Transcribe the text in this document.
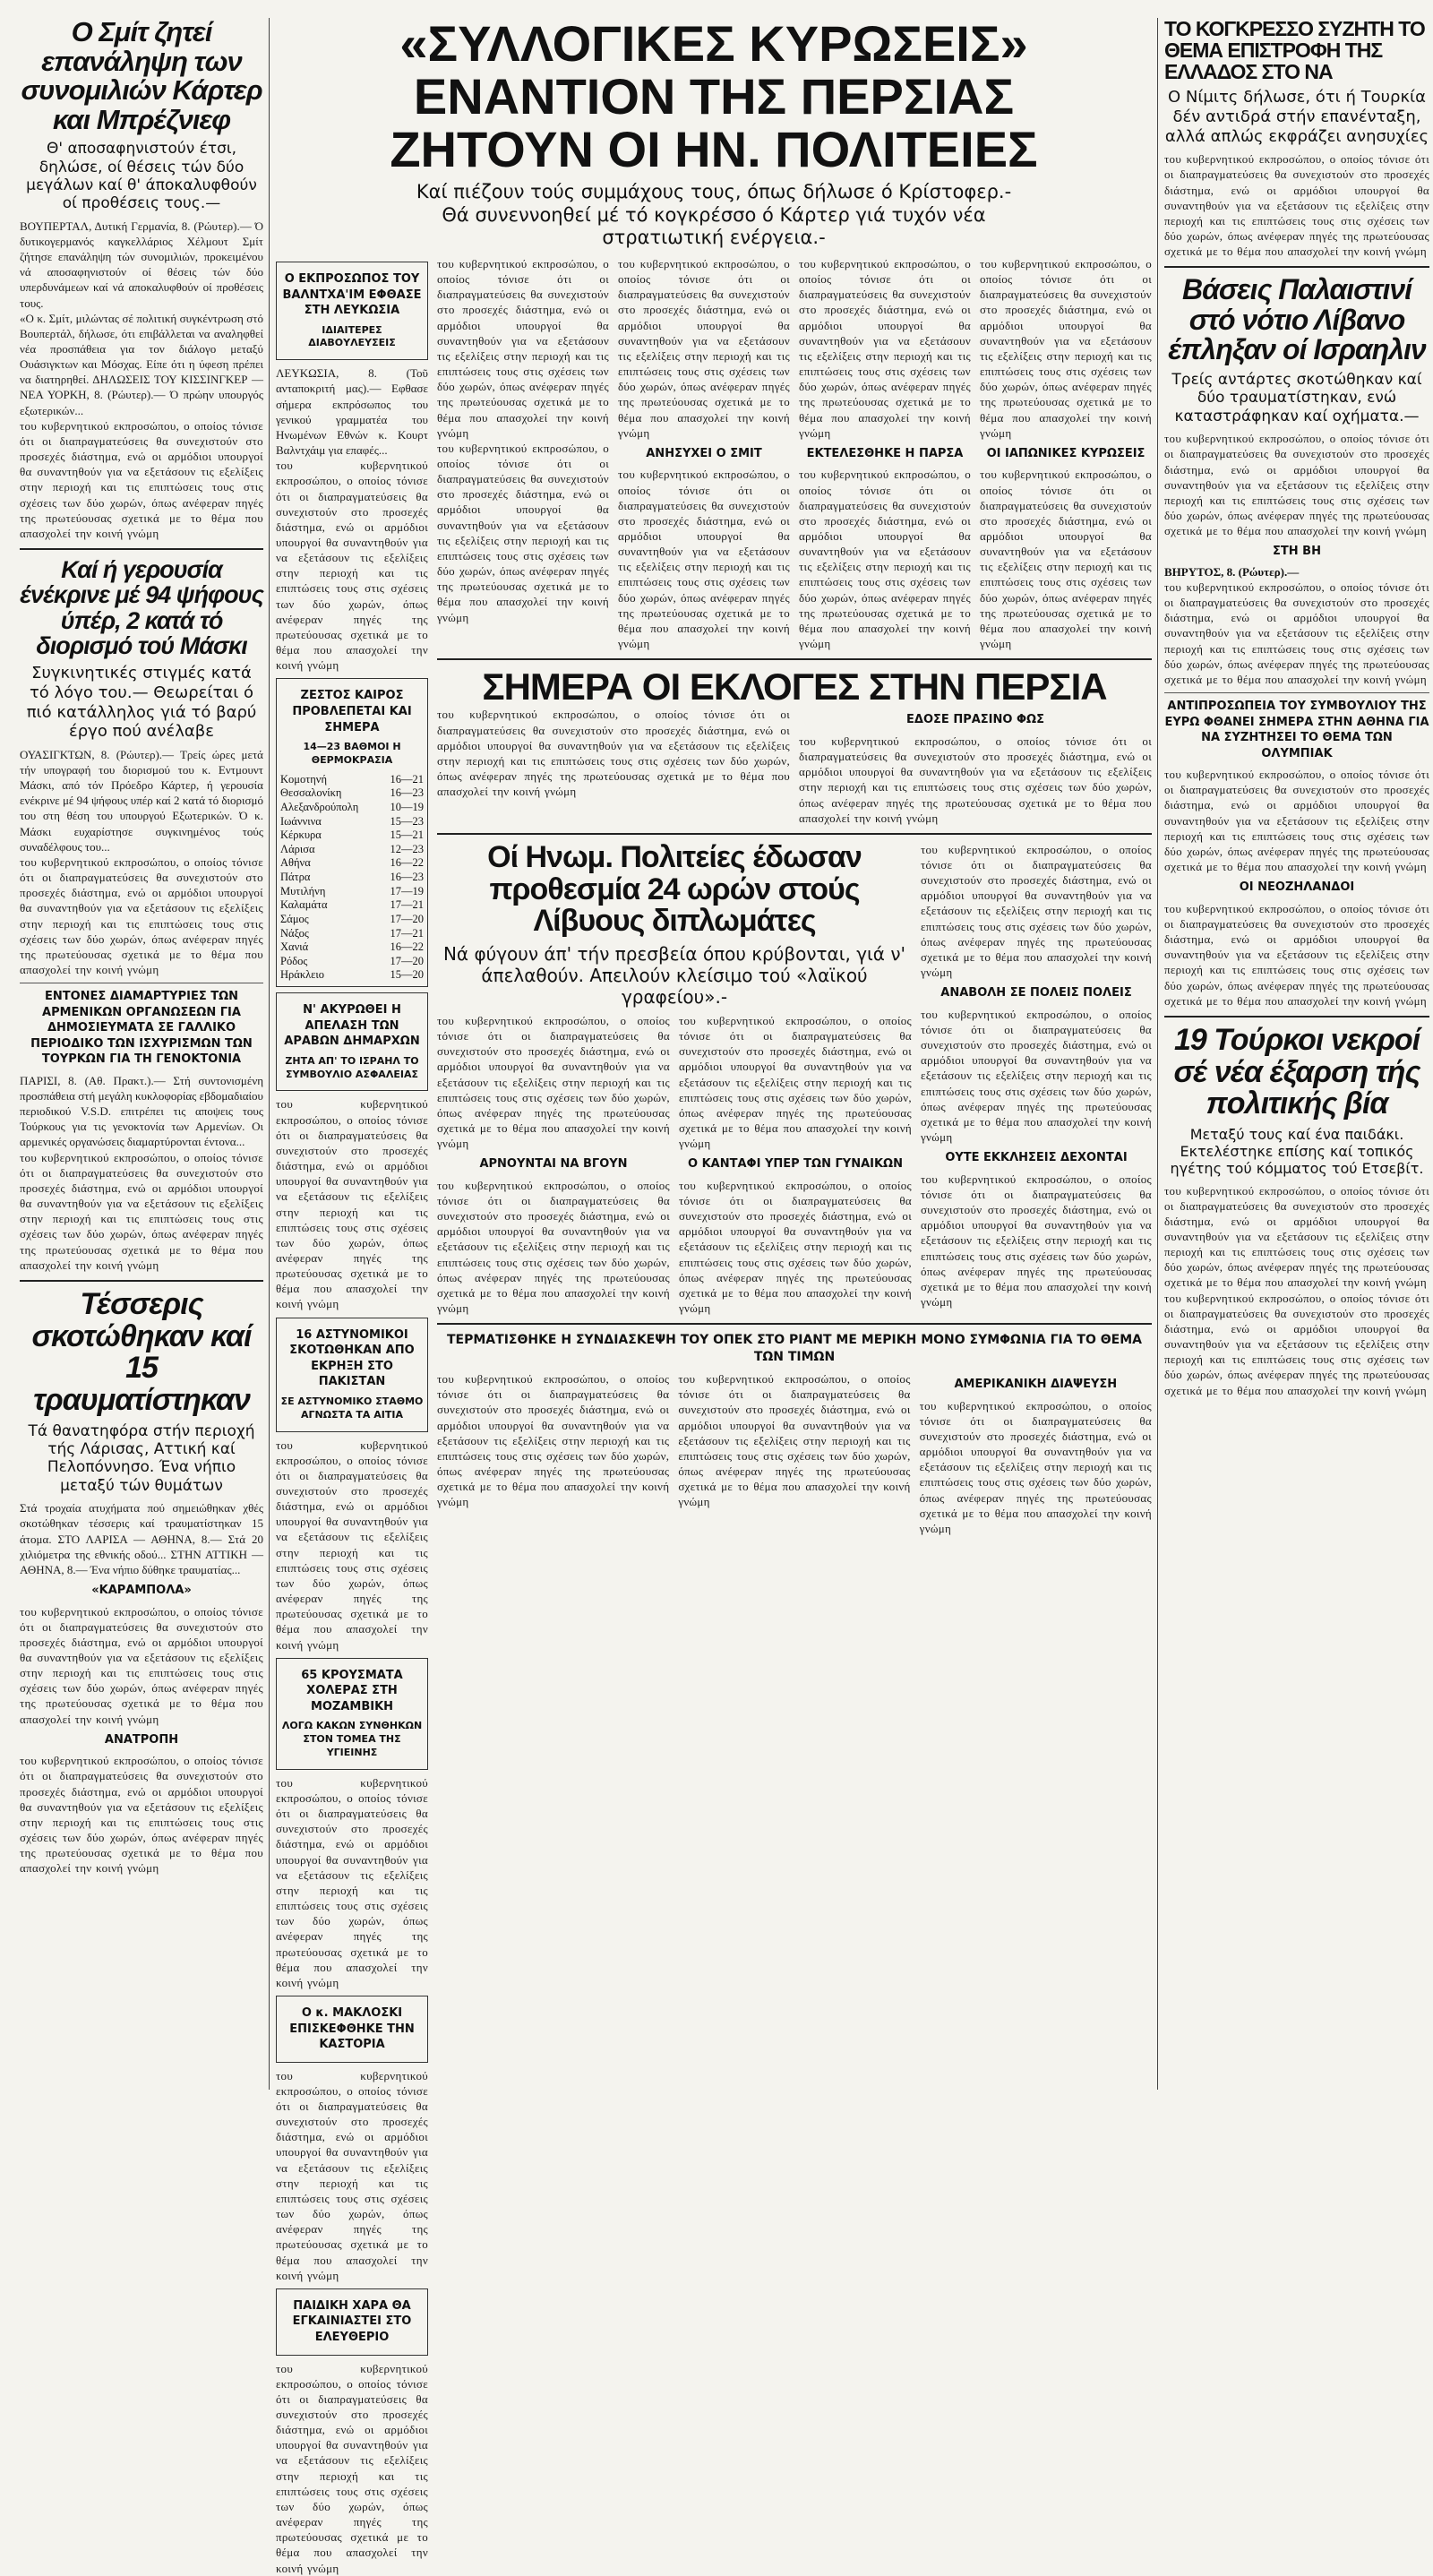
Ο Σμίτ ζητεί επανάληψη των συνομιλιών Κάρτερ και Μπρέζνιεφ
Θ' αποσαφηνιστούν έτσι, δηλώσε, οί θέσεις τών δύο μεγάλων καί θ' άποκαλυφθούν οί προθέσεις τους.—
ΒΟΥΠΕΡΤΑΛ, Δυτική Γερμανία, 8. (Ρώυτερ).— Ό δυτικογερμανός καγκελλάριος Χέλμουτ Σμίτ ζήτησε επανάληψη τών συνομιλιών, προκειμένου νά αποσαφηνιστούν οί θέσεις τών δύο υπερδυνάμεων καί νά αποκαλυφθούν οί προθέσεις τους.
«Ο κ. Σμίτ, μιλώντας σέ πολιτική συγκέντρωση στό Βουπερτάλ, δήλωσε, ότι επιβάλλεται να αναληφθεί νέα προσπάθεια για τον διάλογο μεταξύ Ουάσιγκτων και Μόσχας. Είπε ότι η ύφεση πρέπει να διατηρηθεί. ΔΗΛΩΣΕΙΣ ΤΟΥ ΚΙΣΣΙΝΓΚΕΡ — ΝΕΑ ΥΟΡΚΗ, 8. (Ρώυτερ).— Ό πρώην υπουργός εξωτερικών...
του κυβερνητικού εκπροσώπου, ο οποίος τόνισε ότι οι διαπραγματεύσεις θα συνεχιστούν στο προσεχές διάστημα, ενώ οι αρμόδιοι υπουργοί θα συναντηθούν για να εξετάσουν τις εξελίξεις στην περιοχή και τις επιπτώσεις τους στις σχέσεις των δύο χωρών, όπως ανέφεραν πηγές της πρωτεύουσας σχετικά με το θέμα που απασχολεί την κοινή γνώμη
Καί ή γερουσία ένέκρινε μέ 94 ψήφους ύπέρ, 2 κατά τό διορισμό τού Μάσκι
Συγκινητικές στιγμές κατά τό λόγο του.— Θεωρείται ό πιό κατάλληλος γιά τό βαρύ έργο πού ανέλαβε
ΟΥΑΣΙΓΚΤΩΝ, 8. (Ρώυτερ).— Τρείς ώρες μετά τήν υπογραφή του διορισμού του κ. Εντμουντ Μάσκι, από τόν Πρόεδρο Κάρτερ, ή γερουσία ενέκρινε μέ 94 ψήφους υπέρ καί 2 κατά τό διορισμό του στη θέση του υπουργού Εξωτερικών. Ό κ. Μάσκι ευχαρίστησε συγκινημένος τούς συναδέλφους του...
του κυβερνητικού εκπροσώπου, ο οποίος τόνισε ότι οι διαπραγματεύσεις θα συνεχιστούν στο προσεχές διάστημα, ενώ οι αρμόδιοι υπουργοί θα συναντηθούν για να εξετάσουν τις εξελίξεις στην περιοχή και τις επιπτώσεις τους στις σχέσεις των δύο χωρών, όπως ανέφεραν πηγές της πρωτεύουσας σχετικά με το θέμα που απασχολεί την κοινή γνώμη
ΕΝΤΟΝΕΣ ΔΙΑΜΑΡΤΥΡΙΕΣ ΤΩΝ ΑΡΜΕΝΙΚΩΝ ΟΡΓΑΝΩΣΕΩΝ ΓΙΑ ΔΗΜΟΣΙΕΥΜΑΤΑ ΣΕ ΓΑΛΛΙΚΟ ΠΕΡΙΟΔΙΚΟ ΤΩΝ ΙΣΧΥΡΙΣΜΩΝ ΤΩΝ ΤΟΥΡΚΩΝ ΓΙΑ ΤΗ ΓΕΝΟΚΤΟΝΙΑ
ΠΑΡΙΣΙ, 8. (Αθ. Πρακτ.).— Στή συντονισμένη προσπάθεια στή μεγάλη κυκλοφορίας εβδομαδιαίου περιοδικού V.S.D. επιτρέπει τις αποψεις τους Τούρκους για τις γενοκτονία των Αρμενίων. Οι αρμενικές οργανώσεις διαμαρτύρονται έντονα...
του κυβερνητικού εκπροσώπου, ο οποίος τόνισε ότι οι διαπραγματεύσεις θα συνεχιστούν στο προσεχές διάστημα, ενώ οι αρμόδιοι υπουργοί θα συναντηθούν για να εξετάσουν τις εξελίξεις στην περιοχή και τις επιπτώσεις τους στις σχέσεις των δύο χωρών, όπως ανέφεραν πηγές της πρωτεύουσας σχετικά με το θέμα που απασχολεί την κοινή γνώμη
Τέσσερις σκοτώθηκαν καί 15 τραυματίστηκαν
Τά θανατηφόρα στήν περιοχή τής Λάρισας, Αττική καί Πελοπόννησο. Ένα νήπιο μεταξύ τών θυμάτων
Στά τροχαία ατυχήματα πού σημειώθηκαν χθές σκοτώθηκαν τέσσερις καί τραυματίστηκαν 15 άτομα. ΣΤΟ ΛΑΡΙΣΑ — ΑΘΗΝΑ, 8.— Στά 20 χιλιόμετρα της εθνικής οδού... ΣΤΗΝ ΑΤΤΙΚΗ — ΑΘΗΝΑ, 8.— Ένα νήπιο δύθηκε τραυματίας...
«ΚΑΡΑΜΠΟΛΑ»
του κυβερνητικού εκπροσώπου, ο οποίος τόνισε ότι οι διαπραγματεύσεις θα συνεχιστούν στο προσεχές διάστημα, ενώ οι αρμόδιοι υπουργοί θα συναντηθούν για να εξετάσουν τις εξελίξεις στην περιοχή και τις επιπτώσεις τους στις σχέσεις των δύο χωρών, όπως ανέφεραν πηγές της πρωτεύουσας σχετικά με το θέμα που απασχολεί την κοινή γνώμη
ΑΝΑΤΡΟΠΗ
του κυβερνητικού εκπροσώπου, ο οποίος τόνισε ότι οι διαπραγματεύσεις θα συνεχιστούν στο προσεχές διάστημα, ενώ οι αρμόδιοι υπουργοί θα συναντηθούν για να εξετάσουν τις εξελίξεις στην περιοχή και τις επιπτώσεις τους στις σχέσεις των δύο χωρών, όπως ανέφεραν πηγές της πρωτεύουσας σχετικά με το θέμα που απασχολεί την κοινή γνώμη
«ΣΥΛΛΟΓΙΚΕΣ ΚΥΡΩΣΕΙΣ»
ΕΝΑΝΤΙΟΝ ΤΗΣ ΠΕΡΣΙΑΣ
ΖΗΤΟΥΝ ΟΙ ΗΝ. ΠΟΛΙΤΕΙΕΣ
Καί πιέζουν τούς συμμάχους τους, όπως δήλωσε ό Κρίστοφερ.- Θά συνεννοηθεί μέ τό κογκρέσσο ό Κάρτερ γιά τυχόν νέα στρατιωτική ενέργεια.-
Ο ΕΚΠΡΟΣΩΠΟΣ ΤΟΥ ΒΑΛΝΤΧΑ'ΙΜ ΕΦΘΑΣΕ ΣΤΗ ΛΕΥΚΩΣΙΑ
ΙΔΙΑΙΤΕΡΕΣ ΔΙΑΒΟΥΛΕΥΣΕΙΣ
ΛΕΥΚΩΣΙΑ, 8. (Τοῦ ανταποκριτή μας).— Εφθασε σήμερα εκπρόσωπος του γενικού γραμματέα του Ηνωμένων Εθνών κ. Κουρτ Βαλντχάιμ για επαφές...
του κυβερνητικού εκπροσώπου, ο οποίος τόνισε ότι οι διαπραγματεύσεις θα συνεχιστούν στο προσεχές διάστημα, ενώ οι αρμόδιοι υπουργοί θα συναντηθούν για να εξετάσουν τις εξελίξεις στην περιοχή και τις επιπτώσεις τους στις σχέσεις των δύο χωρών, όπως ανέφεραν πηγές της πρωτεύουσας σχετικά με το θέμα που απασχολεί την κοινή γνώμη
ΖΕΣΤΟΣ ΚΑΙΡΟΣ ΠΡΟΒΛΕΠΕΤΑΙ ΚΑΙ ΣΗΜΕΡΑ
14—23 ΒΑΘΜΟΙ Η ΘΕΡΜΟΚΡΑΣΙΑ
Κομοτηνή	16—21
Θεσσαλονίκη	16—23
Αλεξανδρούπολη	10—19
Ιωάννινα	15—23
Κέρκυρα	15—21
Λάρισα	12—23
Αθήνα	16—22
Πάτρα	16—23
Μυτιλήνη	17—19
Καλαμάτα	17—21
Σάμος	17—20
Νάξος	17—21
Χανιά	16—22
Ρόδος	17—20
Ηράκλειο	15—20
Ν' ΑΚΥΡΩΘΕΙ Η ΑΠΕΛΑΣΗ ΤΩΝ ΑΡΑΒΩΝ ΔΗΜΑΡΧΩΝ
ΖΗΤΑ ΑΠ' ΤΟ ΙΣΡΑΗΛ ΤΟ ΣΥΜΒΟΥΛΙΟ ΑΣΦΑΛΕΙΑΣ
του κυβερνητικού εκπροσώπου, ο οποίος τόνισε ότι οι διαπραγματεύσεις θα συνεχιστούν στο προσεχές διάστημα, ενώ οι αρμόδιοι υπουργοί θα συναντηθούν για να εξετάσουν τις εξελίξεις στην περιοχή και τις επιπτώσεις τους στις σχέσεις των δύο χωρών, όπως ανέφεραν πηγές της πρωτεύουσας σχετικά με το θέμα που απασχολεί την κοινή γνώμη
16 ΑΣΤΥΝΟΜΙΚΟΙ ΣΚΟΤΩΘΗΚΑΝ ΑΠΟ ΕΚΡΗΞΗ ΣΤΟ ΠΑΚΙΣΤΑΝ
ΣΕ ΑΣΤΥΝΟΜΙΚΟ ΣΤΑΘΜΟ ΑΓΝΩΣΤΑ ΤΑ ΑΙΤΙΑ
του κυβερνητικού εκπροσώπου, ο οποίος τόνισε ότι οι διαπραγματεύσεις θα συνεχιστούν στο προσεχές διάστημα, ενώ οι αρμόδιοι υπουργοί θα συναντηθούν για να εξετάσουν τις εξελίξεις στην περιοχή και τις επιπτώσεις τους στις σχέσεις των δύο χωρών, όπως ανέφεραν πηγές της πρωτεύουσας σχετικά με το θέμα που απασχολεί την κοινή γνώμη
65 ΚΡΟΥΣΜΑΤΑ ΧΟΛΕΡΑΣ ΣΤΗ ΜΟΖΑΜΒΙΚΗ
ΛΟΓΩ ΚΑΚΩΝ ΣΥΝΘΗΚΩΝ ΣΤΟΝ ΤΟΜΕΑ ΤΗΣ ΥΓΙΕΙΝΗΣ
του κυβερνητικού εκπροσώπου, ο οποίος τόνισε ότι οι διαπραγματεύσεις θα συνεχιστούν στο προσεχές διάστημα, ενώ οι αρμόδιοι υπουργοί θα συναντηθούν για να εξετάσουν τις εξελίξεις στην περιοχή και τις επιπτώσεις τους στις σχέσεις των δύο χωρών, όπως ανέφεραν πηγές της πρωτεύουσας σχετικά με το θέμα που απασχολεί την κοινή γνώμη
Ο κ. ΜΑΚΛΟΣΚΙ ΕΠΙΣΚΕΦΘΗΚΕ ΤΗΝ ΚΑΣΤΟΡΙΑ
του κυβερνητικού εκπροσώπου, ο οποίος τόνισε ότι οι διαπραγματεύσεις θα συνεχιστούν στο προσεχές διάστημα, ενώ οι αρμόδιοι υπουργοί θα συναντηθούν για να εξετάσουν τις εξελίξεις στην περιοχή και τις επιπτώσεις τους στις σχέσεις των δύο χωρών, όπως ανέφεραν πηγές της πρωτεύουσας σχετικά με το θέμα που απασχολεί την κοινή γνώμη
ΠΑΙΔΙΚΗ ΧΑΡΑ ΘΑ ΕΓΚΑΙΝΙΑΣΤΕΙ ΣΤΟ ΕΛΕΥΘΕΡΙΟ
του κυβερνητικού εκπροσώπου, ο οποίος τόνισε ότι οι διαπραγματεύσεις θα συνεχιστούν στο προσεχές διάστημα, ενώ οι αρμόδιοι υπουργοί θα συναντηθούν για να εξετάσουν τις εξελίξεις στην περιοχή και τις επιπτώσεις τους στις σχέσεις των δύο χωρών, όπως ανέφεραν πηγές της πρωτεύουσας σχετικά με το θέμα που απασχολεί την κοινή γνώμη
του κυβερνητικού εκπροσώπου, ο οποίος τόνισε ότι οι διαπραγματεύσεις θα συνεχιστούν στο προσεχές διάστημα, ενώ οι αρμόδιοι υπουργοί θα συναντηθούν για να εξετάσουν τις εξελίξεις στην περιοχή και τις επιπτώσεις τους στις σχέσεις των δύο χωρών, όπως ανέφεραν πηγές της πρωτεύουσας σχετικά με το θέμα που απασχολεί την κοινή γνώμη
του κυβερνητικού εκπροσώπου, ο οποίος τόνισε ότι οι διαπραγματεύσεις θα συνεχιστούν στο προσεχές διάστημα, ενώ οι αρμόδιοι υπουργοί θα συναντηθούν για να εξετάσουν τις εξελίξεις στην περιοχή και τις επιπτώσεις τους στις σχέσεις των δύο χωρών, όπως ανέφεραν πηγές της πρωτεύουσας σχετικά με το θέμα που απασχολεί την κοινή γνώμη
του κυβερνητικού εκπροσώπου, ο οποίος τόνισε ότι οι διαπραγματεύσεις θα συνεχιστούν στο προσεχές διάστημα, ενώ οι αρμόδιοι υπουργοί θα συναντηθούν για να εξετάσουν τις εξελίξεις στην περιοχή και τις επιπτώσεις τους στις σχέσεις των δύο χωρών, όπως ανέφεραν πηγές της πρωτεύουσας σχετικά με το θέμα που απασχολεί την κοινή γνώμη
ΑΝΗΣΥΧΕΙ Ο ΣΜΙΤ
του κυβερνητικού εκπροσώπου, ο οποίος τόνισε ότι οι διαπραγματεύσεις θα συνεχιστούν στο προσεχές διάστημα, ενώ οι αρμόδιοι υπουργοί θα συναντηθούν για να εξετάσουν τις εξελίξεις στην περιοχή και τις επιπτώσεις τους στις σχέσεις των δύο χωρών, όπως ανέφεραν πηγές της πρωτεύουσας σχετικά με το θέμα που απασχολεί την κοινή γνώμη
του κυβερνητικού εκπροσώπου, ο οποίος τόνισε ότι οι διαπραγματεύσεις θα συνεχιστούν στο προσεχές διάστημα, ενώ οι αρμόδιοι υπουργοί θα συναντηθούν για να εξετάσουν τις εξελίξεις στην περιοχή και τις επιπτώσεις τους στις σχέσεις των δύο χωρών, όπως ανέφεραν πηγές της πρωτεύουσας σχετικά με το θέμα που απασχολεί την κοινή γνώμη
ΕΚΤΕΛΕΣΘΗΚΕ Η ΠΑΡΣΑ
του κυβερνητικού εκπροσώπου, ο οποίος τόνισε ότι οι διαπραγματεύσεις θα συνεχιστούν στο προσεχές διάστημα, ενώ οι αρμόδιοι υπουργοί θα συναντηθούν για να εξετάσουν τις εξελίξεις στην περιοχή και τις επιπτώσεις τους στις σχέσεις των δύο χωρών, όπως ανέφεραν πηγές της πρωτεύουσας σχετικά με το θέμα που απασχολεί την κοινή γνώμη
του κυβερνητικού εκπροσώπου, ο οποίος τόνισε ότι οι διαπραγματεύσεις θα συνεχιστούν στο προσεχές διάστημα, ενώ οι αρμόδιοι υπουργοί θα συναντηθούν για να εξετάσουν τις εξελίξεις στην περιοχή και τις επιπτώσεις τους στις σχέσεις των δύο χωρών, όπως ανέφεραν πηγές της πρωτεύουσας σχετικά με το θέμα που απασχολεί την κοινή γνώμη
ΟΙ ΙΑΠΩΝΙΚΕΣ ΚΥΡΩΣΕΙΣ
του κυβερνητικού εκπροσώπου, ο οποίος τόνισε ότι οι διαπραγματεύσεις θα συνεχιστούν στο προσεχές διάστημα, ενώ οι αρμόδιοι υπουργοί θα συναντηθούν για να εξετάσουν τις εξελίξεις στην περιοχή και τις επιπτώσεις τους στις σχέσεις των δύο χωρών, όπως ανέφεραν πηγές της πρωτεύουσας σχετικά με το θέμα που απασχολεί την κοινή γνώμη
ΣΗΜΕΡΑ ΟΙ ΕΚΛΟΓΕΣ ΣΤΗΝ ΠΕΡΣΙΑ
του κυβερνητικού εκπροσώπου, ο οποίος τόνισε ότι οι διαπραγματεύσεις θα συνεχιστούν στο προσεχές διάστημα, ενώ οι αρμόδιοι υπουργοί θα συναντηθούν για να εξετάσουν τις εξελίξεις στην περιοχή και τις επιπτώσεις τους στις σχέσεις των δύο χωρών, όπως ανέφεραν πηγές της πρωτεύουσας σχετικά με το θέμα που απασχολεί την κοινή γνώμη
ΕΔΟΣΕ ΠΡΑΣΙΝΟ ΦΩΣ
του κυβερνητικού εκπροσώπου, ο οποίος τόνισε ότι οι διαπραγματεύσεις θα συνεχιστούν στο προσεχές διάστημα, ενώ οι αρμόδιοι υπουργοί θα συναντηθούν για να εξετάσουν τις εξελίξεις στην περιοχή και τις επιπτώσεις τους στις σχέσεις των δύο χωρών, όπως ανέφεραν πηγές της πρωτεύουσας σχετικά με το θέμα που απασχολεί την κοινή γνώμη
Οί Ηνωμ. Πολιτείες έδωσαν προθεσμία 24 ωρών στούς Λίβυους διπλωμάτες
Νά φύγουν άπ' τήν πρεσβεία όπου κρύβονται, γιά ν' άπελαθούν. Απειλούν κλείσιμο τού «λαϊκού γραφείου».-
του κυβερνητικού εκπροσώπου, ο οποίος τόνισε ότι οι διαπραγματεύσεις θα συνεχιστούν στο προσεχές διάστημα, ενώ οι αρμόδιοι υπουργοί θα συναντηθούν για να εξετάσουν τις εξελίξεις στην περιοχή και τις επιπτώσεις τους στις σχέσεις των δύο χωρών, όπως ανέφεραν πηγές της πρωτεύουσας σχετικά με το θέμα που απασχολεί την κοινή γνώμη
ΑΡΝΟΥΝΤΑΙ ΝΑ ΒΓΟΥΝ
του κυβερνητικού εκπροσώπου, ο οποίος τόνισε ότι οι διαπραγματεύσεις θα συνεχιστούν στο προσεχές διάστημα, ενώ οι αρμόδιοι υπουργοί θα συναντηθούν για να εξετάσουν τις εξελίξεις στην περιοχή και τις επιπτώσεις τους στις σχέσεις των δύο χωρών, όπως ανέφεραν πηγές της πρωτεύουσας σχετικά με το θέμα που απασχολεί την κοινή γνώμη
του κυβερνητικού εκπροσώπου, ο οποίος τόνισε ότι οι διαπραγματεύσεις θα συνεχιστούν στο προσεχές διάστημα, ενώ οι αρμόδιοι υπουργοί θα συναντηθούν για να εξετάσουν τις εξελίξεις στην περιοχή και τις επιπτώσεις τους στις σχέσεις των δύο χωρών, όπως ανέφεραν πηγές της πρωτεύουσας σχετικά με το θέμα που απασχολεί την κοινή γνώμη
Ο ΚΑΝΤΑΦΙ ΥΠΕΡ ΤΩΝ ΓΥΝΑΙΚΩΝ
του κυβερνητικού εκπροσώπου, ο οποίος τόνισε ότι οι διαπραγματεύσεις θα συνεχιστούν στο προσεχές διάστημα, ενώ οι αρμόδιοι υπουργοί θα συναντηθούν για να εξετάσουν τις εξελίξεις στην περιοχή και τις επιπτώσεις τους στις σχέσεις των δύο χωρών, όπως ανέφεραν πηγές της πρωτεύουσας σχετικά με το θέμα που απασχολεί την κοινή γνώμη
του κυβερνητικού εκπροσώπου, ο οποίος τόνισε ότι οι διαπραγματεύσεις θα συνεχιστούν στο προσεχές διάστημα, ενώ οι αρμόδιοι υπουργοί θα συναντηθούν για να εξετάσουν τις εξελίξεις στην περιοχή και τις επιπτώσεις τους στις σχέσεις των δύο χωρών, όπως ανέφεραν πηγές της πρωτεύουσας σχετικά με το θέμα που απασχολεί την κοινή γνώμη
ΑΝΑΒΟΛΗ ΣΕ ΠΟΛΕΙΣ ΠΟΛΕΙΣ
του κυβερνητικού εκπροσώπου, ο οποίος τόνισε ότι οι διαπραγματεύσεις θα συνεχιστούν στο προσεχές διάστημα, ενώ οι αρμόδιοι υπουργοί θα συναντηθούν για να εξετάσουν τις εξελίξεις στην περιοχή και τις επιπτώσεις τους στις σχέσεις των δύο χωρών, όπως ανέφεραν πηγές της πρωτεύουσας σχετικά με το θέμα που απασχολεί την κοινή γνώμη
ΟΥΤΕ ΕΚΚΛΗΣΕΙΣ ΔΕΧΟΝΤΑΙ
του κυβερνητικού εκπροσώπου, ο οποίος τόνισε ότι οι διαπραγματεύσεις θα συνεχιστούν στο προσεχές διάστημα, ενώ οι αρμόδιοι υπουργοί θα συναντηθούν για να εξετάσουν τις εξελίξεις στην περιοχή και τις επιπτώσεις τους στις σχέσεις των δύο χωρών, όπως ανέφεραν πηγές της πρωτεύουσας σχετικά με το θέμα που απασχολεί την κοινή γνώμη
ΤΕΡΜΑΤΙΣΘΗΚΕ Η ΣΥΝΔΙΑΣΚΕΨΗ ΤΟΥ ΟΠΕΚ ΣΤΟ ΡΙΑΝΤ ΜΕ ΜΕΡΙΚΗ ΜΟΝΟ ΣΥΜΦΩΝΙΑ ΓΙΑ ΤΟ ΘΕΜΑ ΤΩΝ ΤΙΜΩΝ
του κυβερνητικού εκπροσώπου, ο οποίος τόνισε ότι οι διαπραγματεύσεις θα συνεχιστούν στο προσεχές διάστημα, ενώ οι αρμόδιοι υπουργοί θα συναντηθούν για να εξετάσουν τις εξελίξεις στην περιοχή και τις επιπτώσεις τους στις σχέσεις των δύο χωρών, όπως ανέφεραν πηγές της πρωτεύουσας σχετικά με το θέμα που απασχολεί την κοινή γνώμη
του κυβερνητικού εκπροσώπου, ο οποίος τόνισε ότι οι διαπραγματεύσεις θα συνεχιστούν στο προσεχές διάστημα, ενώ οι αρμόδιοι υπουργοί θα συναντηθούν για να εξετάσουν τις εξελίξεις στην περιοχή και τις επιπτώσεις τους στις σχέσεις των δύο χωρών, όπως ανέφεραν πηγές της πρωτεύουσας σχετικά με το θέμα που απασχολεί την κοινή γνώμη
ΑΜΕΡΙΚΑΝΙΚΗ ΔΙΑΨΕΥΣΗ
του κυβερνητικού εκπροσώπου, ο οποίος τόνισε ότι οι διαπραγματεύσεις θα συνεχιστούν στο προσεχές διάστημα, ενώ οι αρμόδιοι υπουργοί θα συναντηθούν για να εξετάσουν τις εξελίξεις στην περιοχή και τις επιπτώσεις τους στις σχέσεις των δύο χωρών, όπως ανέφεραν πηγές της πρωτεύουσας σχετικά με το θέμα που απασχολεί την κοινή γνώμη
ΤΟ ΚΟΓΚΡΕΣΣΟ ΣΥΖΗΤΗ ΤΟ ΘΕΜΑ ΕΠΙΣΤΡΟΦΗ ΤΗΣ ΕΛΛΑΔΟΣ ΣΤΟ ΝΑ
Ο Νίμιτς δήλωσε, ότι ή Τουρκία δέν αντιδρά στήν επανένταξη, αλλά απλώς εκφράζει ανησυχίες
του κυβερνητικού εκπροσώπου, ο οποίος τόνισε ότι οι διαπραγματεύσεις θα συνεχιστούν στο προσεχές διάστημα, ενώ οι αρμόδιοι υπουργοί θα συναντηθούν για να εξετάσουν τις εξελίξεις στην περιοχή και τις επιπτώσεις τους στις σχέσεις των δύο χωρών, όπως ανέφεραν πηγές της πρωτεύουσας σχετικά με το θέμα που απασχολεί την κοινή γνώμη
Βάσεις Παλαιστινί στό νότιο Λίβανο έπληξαν οί Ισραηλιν
Τρείς αντάρτες σκοτώθηκαν καί δύο τραυματίστηκαν, ενώ καταστράφηκαν καί οχήματα.—
του κυβερνητικού εκπροσώπου, ο οποίος τόνισε ότι οι διαπραγματεύσεις θα συνεχιστούν στο προσεχές διάστημα, ενώ οι αρμόδιοι υπουργοί θα συναντηθούν για να εξετάσουν τις εξελίξεις στην περιοχή και τις επιπτώσεις τους στις σχέσεις των δύο χωρών, όπως ανέφεραν πηγές της πρωτεύουσας σχετικά με το θέμα που απασχολεί την κοινή γνώμη
ΣΤΗ ΒΗ
ΒΗΡΥΤΟΣ, 8. (Ρώυτερ).—
του κυβερνητικού εκπροσώπου, ο οποίος τόνισε ότι οι διαπραγματεύσεις θα συνεχιστούν στο προσεχές διάστημα, ενώ οι αρμόδιοι υπουργοί θα συναντηθούν για να εξετάσουν τις εξελίξεις στην περιοχή και τις επιπτώσεις τους στις σχέσεις των δύο χωρών, όπως ανέφεραν πηγές της πρωτεύουσας σχετικά με το θέμα που απασχολεί την κοινή γνώμη
ΑΝΤΙΠΡΟΣΩΠΕΙΑ ΤΟΥ ΣΥΜΒΟΥΛΙΟΥ ΤΗΣ ΕΥΡΩ ΦΘΑΝΕΙ ΣΗΜΕΡΑ ΣΤΗΝ ΑΘΗΝΑ ΓΙΑ ΝΑ ΣΥΖΗΤΗΣΕΙ ΤΟ ΘΕΜΑ ΤΩΝ ΟΛΥΜΠΙΑΚ
του κυβερνητικού εκπροσώπου, ο οποίος τόνισε ότι οι διαπραγματεύσεις θα συνεχιστούν στο προσεχές διάστημα, ενώ οι αρμόδιοι υπουργοί θα συναντηθούν για να εξετάσουν τις εξελίξεις στην περιοχή και τις επιπτώσεις τους στις σχέσεις των δύο χωρών, όπως ανέφεραν πηγές της πρωτεύουσας σχετικά με το θέμα που απασχολεί την κοινή γνώμη
ΟΙ ΝΕΟΖΗΛΑΝΔΟΙ
του κυβερνητικού εκπροσώπου, ο οποίος τόνισε ότι οι διαπραγματεύσεις θα συνεχιστούν στο προσεχές διάστημα, ενώ οι αρμόδιοι υπουργοί θα συναντηθούν για να εξετάσουν τις εξελίξεις στην περιοχή και τις επιπτώσεις τους στις σχέσεις των δύο χωρών, όπως ανέφεραν πηγές της πρωτεύουσας σχετικά με το θέμα που απασχολεί την κοινή γνώμη
19 Τούρκοι νεκροί σέ νέα έξαρση τής πολιτικής βία
Μεταξύ τους καί ένα παιδάκι. Εκτελέστηκε επίσης καί τοπικός ηγέτης τού κόμματος τού Ετσεβίτ.
του κυβερνητικού εκπροσώπου, ο οποίος τόνισε ότι οι διαπραγματεύσεις θα συνεχιστούν στο προσεχές διάστημα, ενώ οι αρμόδιοι υπουργοί θα συναντηθούν για να εξετάσουν τις εξελίξεις στην περιοχή και τις επιπτώσεις τους στις σχέσεις των δύο χωρών, όπως ανέφεραν πηγές της πρωτεύουσας σχετικά με το θέμα που απασχολεί την κοινή γνώμη
του κυβερνητικού εκπροσώπου, ο οποίος τόνισε ότι οι διαπραγματεύσεις θα συνεχιστούν στο προσεχές διάστημα, ενώ οι αρμόδιοι υπουργοί θα συναντηθούν για να εξετάσουν τις εξελίξεις στην περιοχή και τις επιπτώσεις τους στις σχέσεις των δύο χωρών, όπως ανέφεραν πηγές της πρωτεύουσας σχετικά με το θέμα που απασχολεί την κοινή γνώμη
